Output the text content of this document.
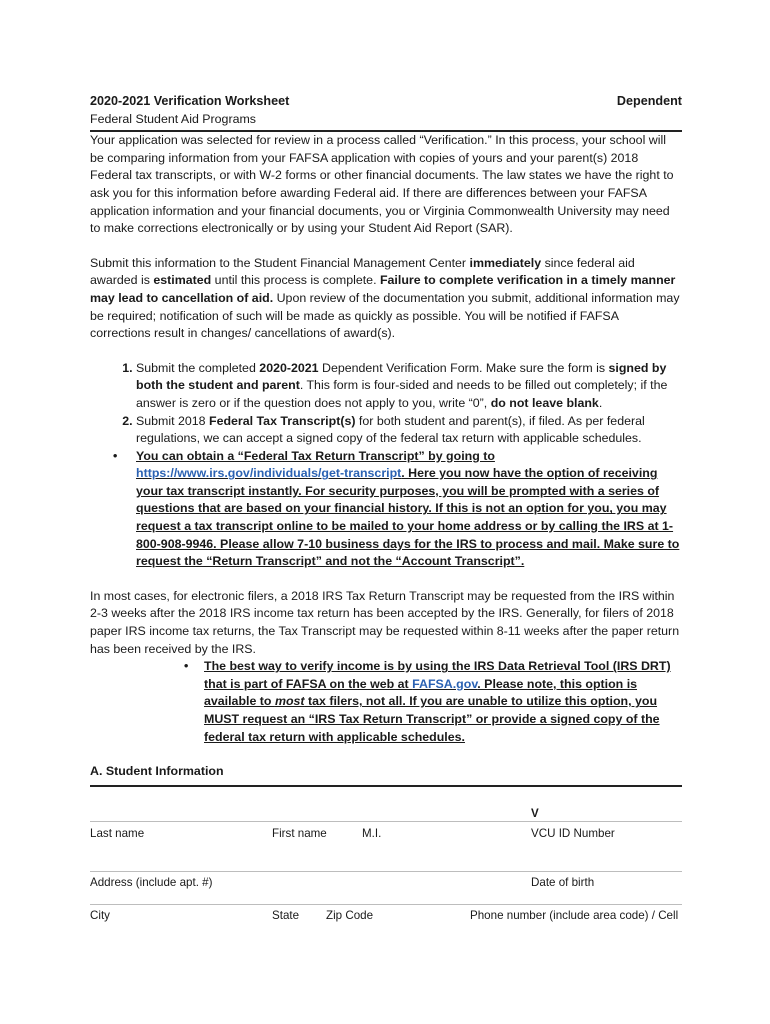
2020-2021 Verification Worksheet	Dependent
Federal Student Aid Programs

Your application was selected for review in a process called “Verification.” In this process, your school will be comparing information from your FAFSA application with copies of yours and your parent(s) 2018 Federal tax transcripts, or with W-2 forms or other financial documents. The law states we have the right to ask you for this information before awarding Federal aid. If there are differences between your FAFSA application information and your financial documents, you or Virginia Commonwealth University may need to make corrections electronically or by using your Student Aid Report (SAR).

Submit this information to the Student Financial Management Center immediately since federal aid awarded is estimated until this process is complete. Failure to complete verification in a timely manner may lead to cancellation of aid. Upon review of the documentation you submit, additional information may be required; notification of such will be made as quickly as possible. You will be notified if FAFSA corrections result in changes/ cancellations of award(s).

1. Submit the completed 2020-2021 Dependent Verification Form. Make sure the form is signed by both the student and parent. This form is four-sided and needs to be filled out completely; if the answer is zero or if the question does not apply to you, write “0”, do not leave blank.
2. Submit 2018 Federal Tax Transcript(s) for both student and parent(s), if filed. As per federal regulations, we can accept a signed copy of the federal tax return with applicable schedules.
• You can obtain a “Federal Tax Return Transcript” by going to https://www.irs.gov/individuals/get-transcript. Here you now have the option of receiving your tax transcript instantly. For security purposes, you will be prompted with a series of questions that are based on your financial history. If this is not an option for you, you may request a tax transcript online to be mailed to your home address or by calling the IRS at 1-800-908-9946. Please allow 7-10 business days for the IRS to process and mail. Make sure to request the “Return Transcript” and not the “Account Transcript”.

In most cases, for electronic filers, a 2018 IRS Tax Return Transcript may be requested from the IRS within 2-3 weeks after the 2018 IRS income tax return has been accepted by the IRS. Generally, for filers of 2018 paper IRS income tax returns, the Tax Transcript may be requested within 8-11 weeks after the paper return has been received by the IRS.

• The best way to verify income is by using the IRS Data Retrieval Tool (IRS DRT) that is part of FAFSA on the web at FAFSA.gov. Please note, this option is available to most tax filers, not all. If you are unable to utilize this option, you MUST request an “IRS Tax Return Transcript” or provide a signed copy of the federal tax return with applicable schedules.
A. Student Information
V
Last name	First name	M.I.	VCU ID Number
Address (include apt. #)	Date of birth
City	State Zip Code	Phone number (include area code) / Cell
